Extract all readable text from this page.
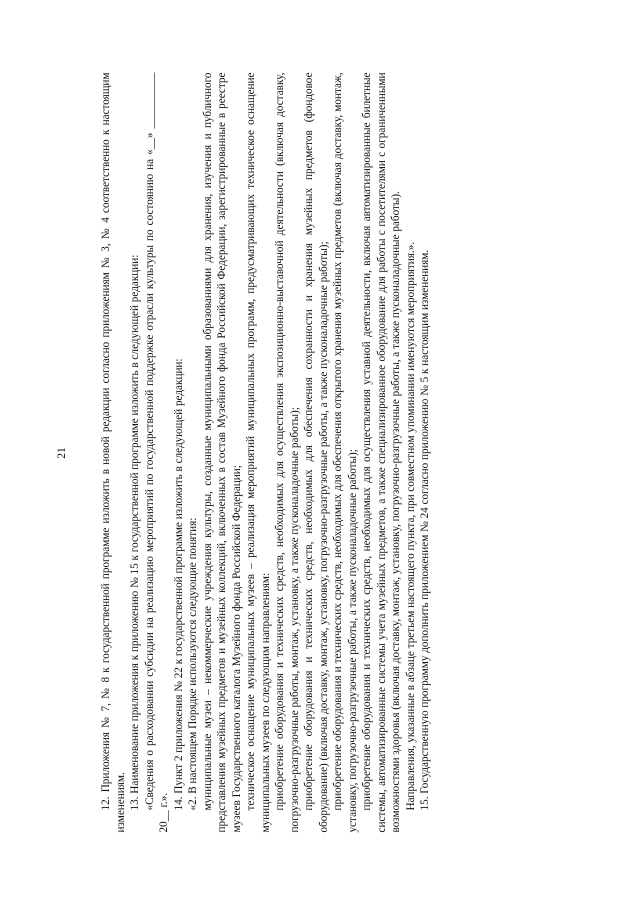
21	12. Приложения № 7, № 8 к государственной программе изложить в новой редакции согласно приложениям № 3, № 4 соответственно к настоящим изменениям. 13. Наименование приложения к приложению № 15 к государственной программе изложить в следующей редакции: «Сведения о расходовании субсидии на реализацию мероприятий по государственной поддержке отрасли культуры по состоянию на «__» __________ 20__ г.».

14. Пункт 2 приложения № 22 к государственной программе изложить в следующей редакции: «2. В настоящем Порядке используются следующие понятия: муниципальные музеи – некоммерческие учреждения культуры, созданные муниципальными образованиями для хранения, изучения и публичного представления музейных предметов и музейных коллекций, включенных в состав Музейного фонда Российской Федерации, зарегистрированные в реестре музеев Государственного каталога Музейного фонда Российской Федерации; техническое оснащение муниципальных музеев – реализация мероприятий муниципальных программ, предусматривающих техническое оснащение муниципальных музеев по следующим направлениям: приобретение оборудования и технических средств, необходимых для осуществления экспозиционно-выставочной деятельности (включая доставку, погрузочно-разгрузочные работы, монтаж, установку, а также пусконаладочные работы); приобретение оборудования и технических средств, необходимых для обеспечения сохранности и хранения музейных предметов (фондовое оборудование) (включая доставку, монтаж, установку, погрузочно-разгрузочные работы, а также пусконаладочные работы); приобретение оборудования и технических средств, необходимых для обеспечения открытого хранения музейных предметов (включая доставку, монтаж, установку, погрузочно-разгрузочные работы, а также пусконаладочные работы); приобретение оборудования и технических средств, необходимых для осуществления уставной деятельности, включая автоматизированные билетные системы, автоматизированные системы учета музейных предметов, а также специализированное оборудование для работы с посетителями с ограниченными возможностями здоровья (включая доставку, монтаж, установку, погрузочно-разгрузочные работы, а также пусконаладочные работы). Направления, указанные в абзаце третьем настоящего пункта, при совместном упоминании именуются мероприятия.». 15. Государственную программу дополнить приложением № 24 согласно приложению № 5 к настоящим изменениям.
